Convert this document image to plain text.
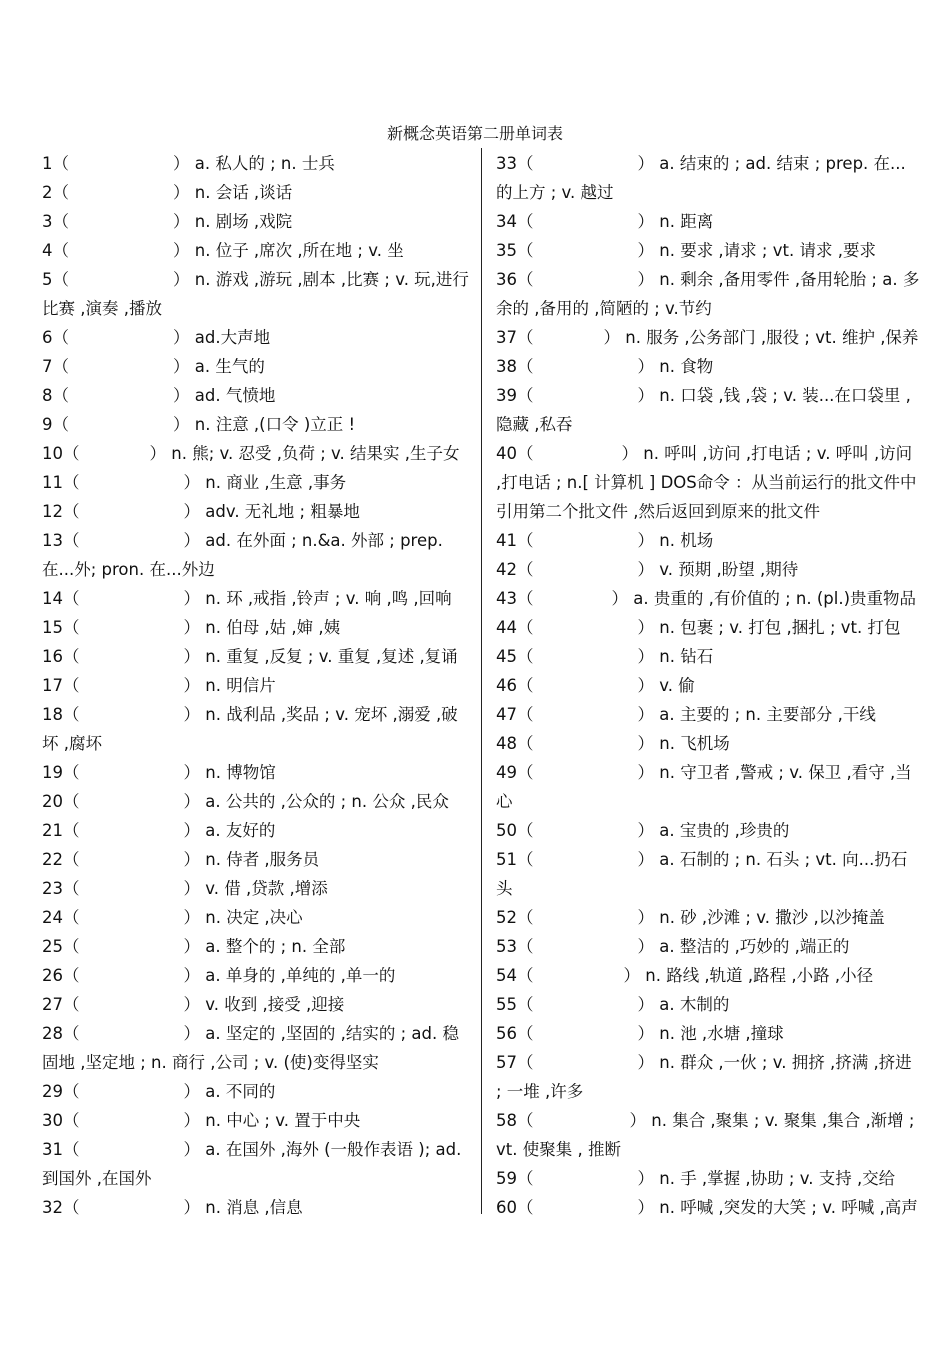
新概念英语第二册单词表

1（	） a. 私人的 ; n. 士兵

2（	） n. 会话 ,谈话

3（	） n. 剧场 ,戏院

4（	） n. 位子 ,席次 ,所在地 ; v. 坐

5（	） n. 游戏 ,游玩 ,剧本 ,比赛 ; v. 玩,进行比赛 ,演奏 ,播放

6（	） ad.大声地

7（	） a. 生气的

8（	） ad. 气愤地

9（	） n. 注意 ,(口令 )立正 !

10（	） n. 熊; v. 忍受 ,负荷 ; v. 结果实 ,生子女

11（	） n. 商业 ,生意 ,事务

12（	） adv. 无礼地 ; 粗暴地

13（	） ad. 在外面 ; n.&a. 外部 ; prep. 在...外; pron. 在...外边

14（	） n. 环 ,戒指 ,铃声 ; v. 响 ,鸣 ,回响

15（	） n. 伯母 ,姑 ,婶 ,姨

16（	） n. 重复 ,反复 ; v. 重复 ,复述 ,复诵

17（	） n. 明信片

18（	） n. 战利品 ,奖品 ; v. 宠坏 ,溺爱 ,破坏 ,腐坏

19（	） n. 博物馆

20（	） a. 公共的 ,公众的 ; n. 公众 ,民众

21（	） a. 友好的

22（	） n. 侍者 ,服务员

23（	） v. 借 ,贷款 ,增添

24（	） n. 决定 ,决心

25（	） a. 整个的 ; n. 全部

26（	） a. 单身的 ,单纯的 ,单一的

27（	） v. 收到 ,接受 ,迎接

28（	） a. 坚定的 ,坚固的 ,结实的 ; ad. 稳固地 ,坚定地 ; n. 商行 ,公司 ; v. (使)变得坚实

29（	） a. 不同的

30（	） n. 中心 ; v. 置于中央

31（	） a. 在国外 ,海外 (一般作表语 ); ad. 到国外 ,在国外

32（	） n. 消息 ,信息

33（	） a. 结束的 ; ad. 结束 ; prep. 在...的上方 ; v. 越过

34（	） n. 距离

35（	） n. 要求 ,请求 ; vt. 请求 ,要求

36（	） n. 剩余 ,备用零件 ,备用轮胎 ; a. 多余的 ,备用的 ,简陋的 ; v.节约

37（	） n. 服务 ,公务部门 ,服役 ; vt. 维护 ,保养

38（	） n. 食物

39（	） n. 口袋 ,钱 ,袋 ; v. 装...在口袋里 ,隐藏 ,私吞

40（	） n. 呼叫 ,访问 ,打电话 ; v. 呼叫 ,访问 ,打电话 ; n.[ 计算机 ] DOS命令 ：从当前运行的批文件中引用第二个批文件 ,然后返回到原来的批文件

41（	） n. 机场

42（	） v. 预期 ,盼望 ,期待

43（	） a. 贵重的 ,有价值的 ; n. (pl.)贵重物品

44（	） n. 包裹 ; v. 打包 ,捆扎 ; vt. 打包

45（	） n. 钻石

46（	） v. 偷

47（	） a. 主要的 ; n. 主要部分 ,干线

48（	） n. 飞机场

49（	） n. 守卫者 ,警戒 ; v. 保卫 ,看守 ,当心

50（	） a. 宝贵的 ,珍贵的

51（	） a. 石制的 ; n. 石头 ; vt. 向...扔石头

52（	） n. 砂 ,沙滩 ; v. 撒沙 ,以沙掩盖

53（	） a. 整洁的 ,巧妙的 ,端正的

54（	） n. 路线 ,轨道 ,路程 ,小路 ,小径

55（	） a. 木制的

56（	） n. 池 ,水塘 ,撞球

57（	） n. 群众 ,一伙 ; v. 拥挤 ,挤满 ,挤进 ; 一堆 ,许多

58（	） n. 集合 ,聚集 ; v. 聚集 ,集合 ,渐增 ; vt. 使聚集 , 推断

59（	） n. 手 ,掌握 ,协助 ; v. 支持 ,交给

60（	） n. 呼喊 ,突发的大笑 ; v. 呼喊 ,高声
